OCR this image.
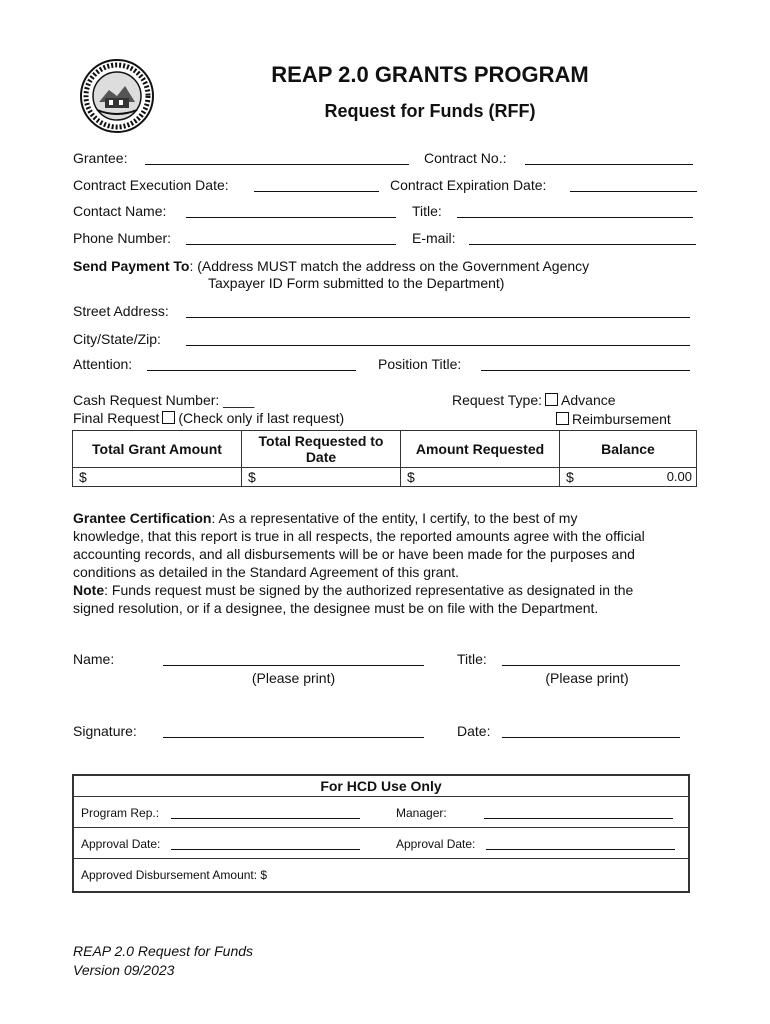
REAP 2.0 GRANTS PROGRAM
Request for Funds (RFF)
Grantee:	Contract No.:
Contract Execution Date:	Contract Expiration Date:
Contact Name:	Title:
Phone Number:	E-mail:
Send Payment To: (Address MUST match the address on the Government Agency
Taxpayer ID Form submitted to the Department)
Street Address:
City/State/Zip:
Attention:	Position Title:
Cash Request Number: ____
Final Request (Check only if last request)
Request Type: Advance
Reimbursement
Total Grant Amount	Total Requested to Date	Amount Requested	Balance
$	$	$	$ 0.00
Grantee Certification: As a representative of the entity, I certify, to the best of my
knowledge, that this report is true in all respects, the reported amounts agree with the official
accounting records, and all disbursements will be or have been made for the purposes and
conditions as detailed in the Standard Agreement of this grant.
Note: Funds request must be signed by the authorized representative as designated in the
signed resolution, or if a designee, the designee must be on file with the Department.
Name:
(Please print)
Title:
(Please print)
Signature:	Date:
For HCD Use Only
Program Rep.:	Manager:
Approval Date:	Approval Date:
Approved Disbursement Amount: $
REAP 2.0 Request for Funds
Version 09/2023
